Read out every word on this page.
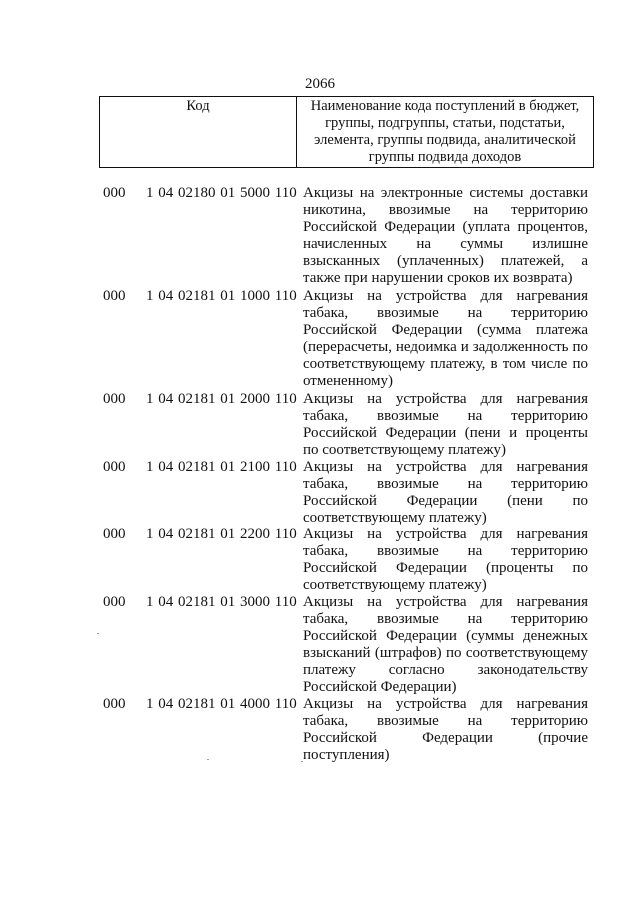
2066
Код	Наименование кода поступлений в бюджет, группы, подгруппы, статьи, подстатьи, элемента, группы подвида, аналитической группы подвида доходов
000 1 04 02180 01 5000 110 Акцизы на электронные системы доставки никотина, ввозимые на территорию Российской Федерации (уплата процентов, начисленных на суммы излишне взысканных (уплаченных) платежей, а также при нарушении сроков их возврата)
000 1 04 02181 01 1000 110 Акцизы на устройства для нагревания табака, ввозимые на территорию Российской Федерации (сумма платежа (перерасчеты, недоимка и задолженность по соответствующему платежу, в том числе по отмененному)
000 1 04 02181 01 2000 110 Акцизы на устройства для нагревания табака, ввозимые на территорию Российской Федерации (пени и проценты по соответствующему платежу)
000 1 04 02181 01 2100 110 Акцизы на устройства для нагревания табака, ввозимые на территорию Российской Федерации (пени по соответствующему платежу)
000 1 04 02181 01 2200 110 Акцизы на устройства для нагревания табака, ввозимые на территорию Российской Федерации (проценты по соответствующему платежу)
000 1 04 02181 01 3000 110 Акцизы на устройства для нагревания табака, ввозимые на территорию Российской Федерации (суммы денежных взысканий (штрафов) по соответствующему платежу согласно законодательству Российской Федерации)
000 1 04 02181 01 4000 110 Акцизы на устройства для нагревания табака, ввозимые на территорию Российской Федерации (прочие поступления)
